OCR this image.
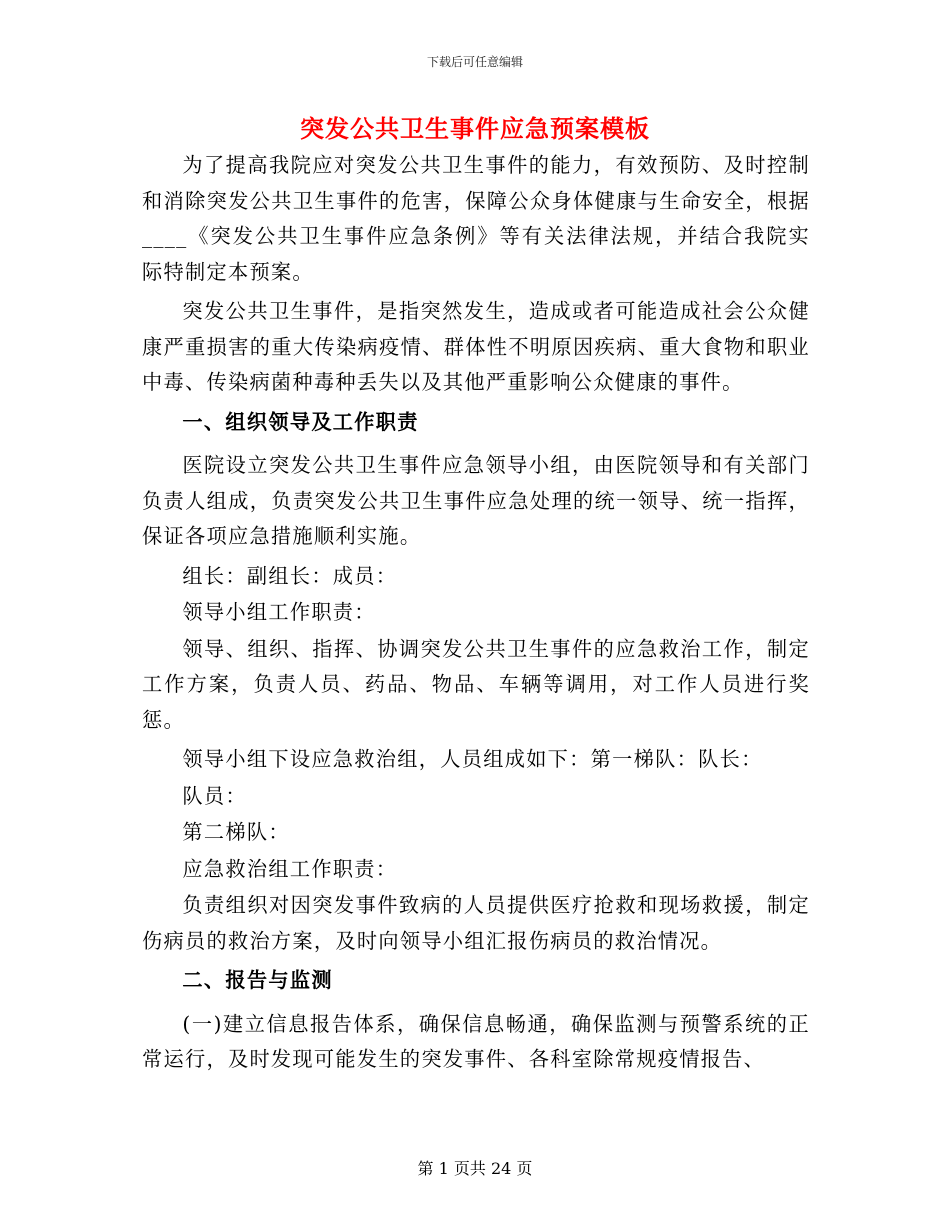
下载后可任意编辑
突发公共卫生事件应急预案模板

为了提高我院应对突发公共卫生事件的能力，有效预防、及时控制和消除突发公共卫生事件的危害，保障公众身体健康与生命安全，根据____《突发公共卫生事件应急条例》等有关法律法规，并结合我院实际特制定本预案。

突发公共卫生事件，是指突然发生，造成或者可能造成社会公众健康严重损害的重大传染病疫情、群体性不明原因疾病、重大食物和职业中毒、传染病菌种毒种丢失以及其他严重影响公众健康的事件。

一、组织领导及工作职责

医院设立突发公共卫生事件应急领导小组，由医院领导和有关部门负责人组成，负责突发公共卫生事件应急处理的统一领导、统一指挥，保证各项应急措施顺利实施。

组长：副组长：成员：

领导小组工作职责：

领导、组织、指挥、协调突发公共卫生事件的应急救治工作，制定工作方案，负责人员、药品、物品、车辆等调用，对工作人员进行奖惩。

领导小组下设应急救治组，人员组成如下：第一梯队：队长：

队员：

第二梯队：

应急救治组工作职责：

负责组织对因突发事件致病的人员提供医疗抢救和现场救援，制定伤病员的救治方案，及时向领导小组汇报伤病员的救治情况。

二、报告与监测

(一)建立信息报告体系，确保信息畅通，确保监测与预警系统的正常运行，及时发现可能发生的突发事件、各科室除常规疫情报告、

第 1 页共 24 页
